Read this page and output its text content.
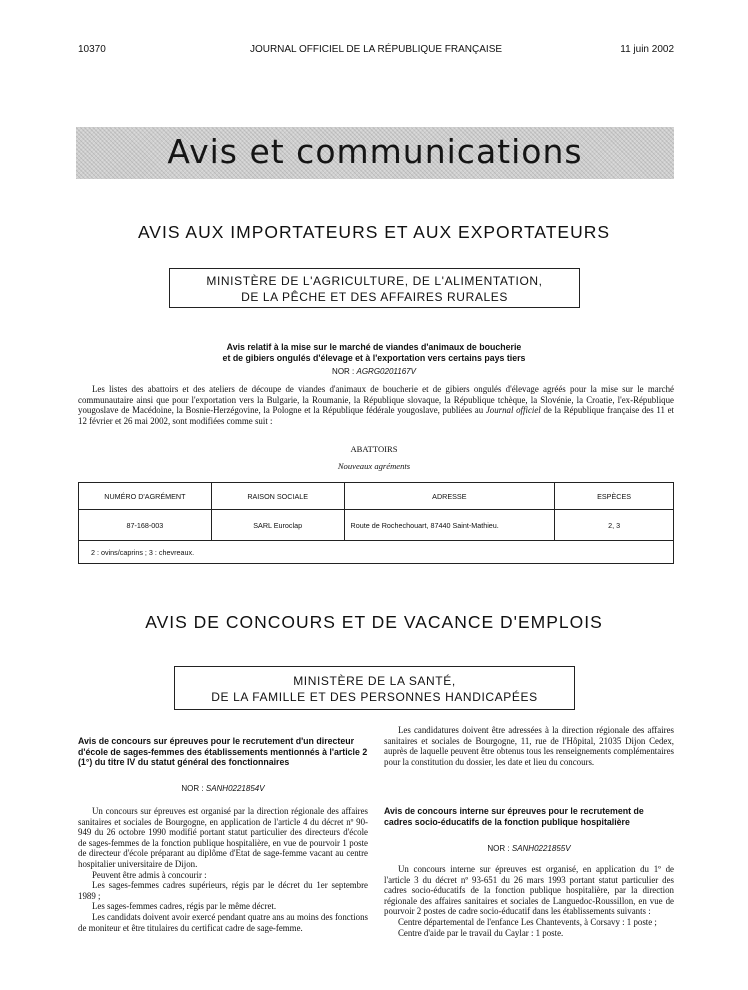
10370	JOURNAL OFFICIEL DE LA RÉPUBLIQUE FRANÇAISE	11 juin 2002
Avis et communications
AVIS AUX IMPORTATEURS ET AUX EXPORTATEURS
MINISTÈRE DE L'AGRICULTURE, DE L'ALIMENTATION,
DE LA PÊCHE ET DES AFFAIRES RURALES
Avis relatif à la mise sur le marché de viandes d'animaux de boucherie
et de gibiers ongulés d'élevage et à l'exportation vers certains pays tiers
NOR : AGRG0201167V

Les listes des abattoirs et des ateliers de découpe de viandes d'animaux de boucherie et de gibiers ongulés d'élevage agréés pour la mise sur le marché communautaire ainsi que pour l'exportation vers la Bulgarie, la Roumanie, la République slovaque, la République tchèque, la Slovénie, la Croatie, l'ex-République yougoslave de Macédoine, la Bosnie-Herzégovine, la Pologne et la République fédérale yougoslave, publiées au Journal officiel de la République française des 11 et 12 février et 26 mai 2002, sont modifiées comme suit :

ABATTOIRS
Nouveaux agréments
NUMÉRO D'AGRÉMENT	RAISON SOCIALE	ADRESSE	ESPÈCES
87-168-003	SARL Euroclap	Route de Rochechouart, 87440 Saint-Mathieu.	2, 3
2 : ovins/caprins ; 3 : chevreaux.			
AVIS DE CONCOURS ET DE VACANCE D'EMPLOIS
MINISTÈRE DE LA SANTÉ,
DE LA FAMILLE ET DES PERSONNES HANDICAPÉES
Avis de concours sur épreuves pour le recrutement d'un directeur d'école de sages-femmes des établissements mentionnés à l'article 2 (1°) du titre IV du statut général des fonctionnaires
NOR : SANH0221854V

Un concours sur épreuves est organisé par la direction régionale des affaires sanitaires et sociales de Bourgogne, en application de l'article 4 du décret nº 90-949 du 26 octobre 1990 modifié portant statut particulier des directeurs d'école de sages-femmes de la fonction publique hospitalière, en vue de pourvoir 1 poste de directeur d'école préparant au diplôme d'Etat de sage-femme vacant au centre hospitalier universitaire de Dijon.

Peuvent être admis à concourir :

Les sages-femmes cadres supérieurs, régis par le décret du 1er septembre 1989 ;

Les sages-femmes cadres, régis par le même décret.

Les candidats doivent avoir exercé pendant quatre ans au moins des fonctions de moniteur et être titulaires du certificat cadre de sage-femme.

Les candidatures doivent être adressées à la direction régionale des affaires sanitaires et sociales de Bourgogne, 11, rue de l'Hôpital, 21035 Dijon Cedex, auprès de laquelle peuvent être obtenus tous les renseignements complémentaires pour la constitution du dossier, les date et lieu du concours.

Avis de concours interne sur épreuves pour le recrutement de cadres socio-éducatifs de la fonction publique hospitalière
NOR : SANH0221855V

Un concours interne sur épreuves est organisé, en application du 1º de l'article 3 du décret nº 93-651 du 26 mars 1993 portant statut particulier des cadres socio-éducatifs de la fonction publique hospitalière, par la direction régionale des affaires sanitaires et sociales de Languedoc-Roussillon, en vue de pourvoir 2 postes de cadre socio-éducatif dans les établissements suivants :

Centre départemental de l'enfance Les Chantevents, à Corsavy : 1 poste ;

Centre d'aide par le travail du Caylar : 1 poste.
